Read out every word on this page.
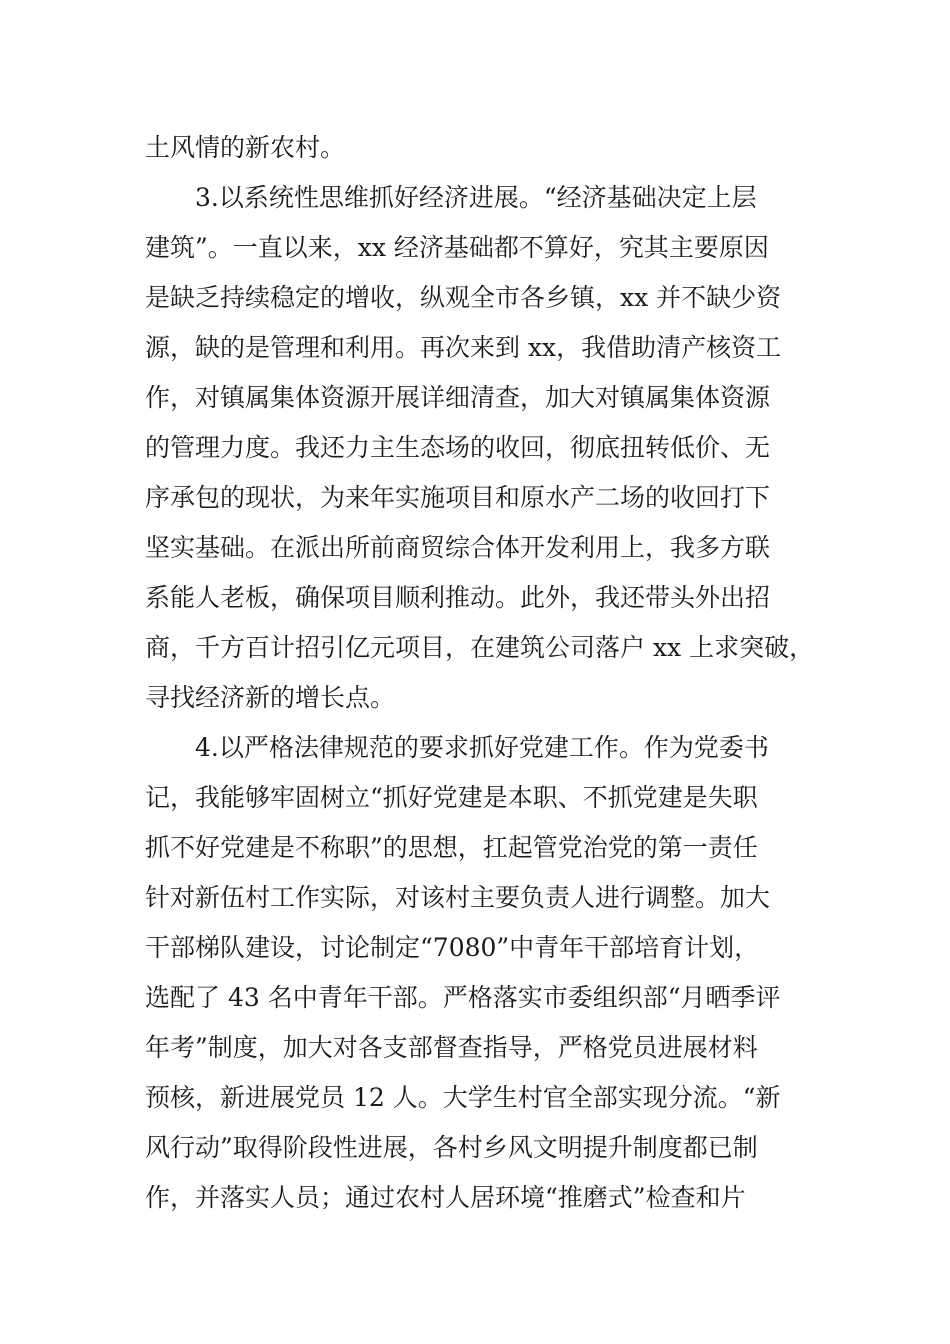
土风情的新农村。
3.以系统性思维抓好经济进展。“经济基础决定上层
建筑”。一直以来，xx 经济基础都不算好，究其主要原因
是缺乏持续稳定的增收，纵观全市各乡镇，xx 并不缺少资
源，缺的是管理和利用。再次来到 xx，我借助清产核资工
作，对镇属集体资源开展详细清查，加大对镇属集体资源
的管理力度。我还力主生态场的收回，彻底扭转低价、无
序承包的现状，为来年实施项目和原水产二场的收回打下
坚实基础。在派出所前商贸综合体开发利用上，我多方联
系能人老板，确保项目顺利推动。此外，我还带头外出招
商，千方百计招引亿元项目，在建筑公司落户 xx 上求突破，
寻找经济新的增长点。
4.以严格法律规范的要求抓好党建工作。作为党委书
记，我能够牢固树立“抓好党建是本职、不抓党建是失职
抓不好党建是不称职”的思想，扛起管党治党的第一责任
针对新伍村工作实际，对该村主要负责人进行调整。加大
干部梯队建设，讨论制定“7080”中青年干部培育计划，
选配了 43 名中青年干部。严格落实市委组织部“月晒季评
年考”制度，加大对各支部督查指导，严格党员进展材料
预核，新进展党员 12 人。大学生村官全部实现分流。“新
风行动”取得阶段性进展，各村乡风文明提升制度都已制
作，并落实人员；通过农村人居环境“推磨式”检查和片
